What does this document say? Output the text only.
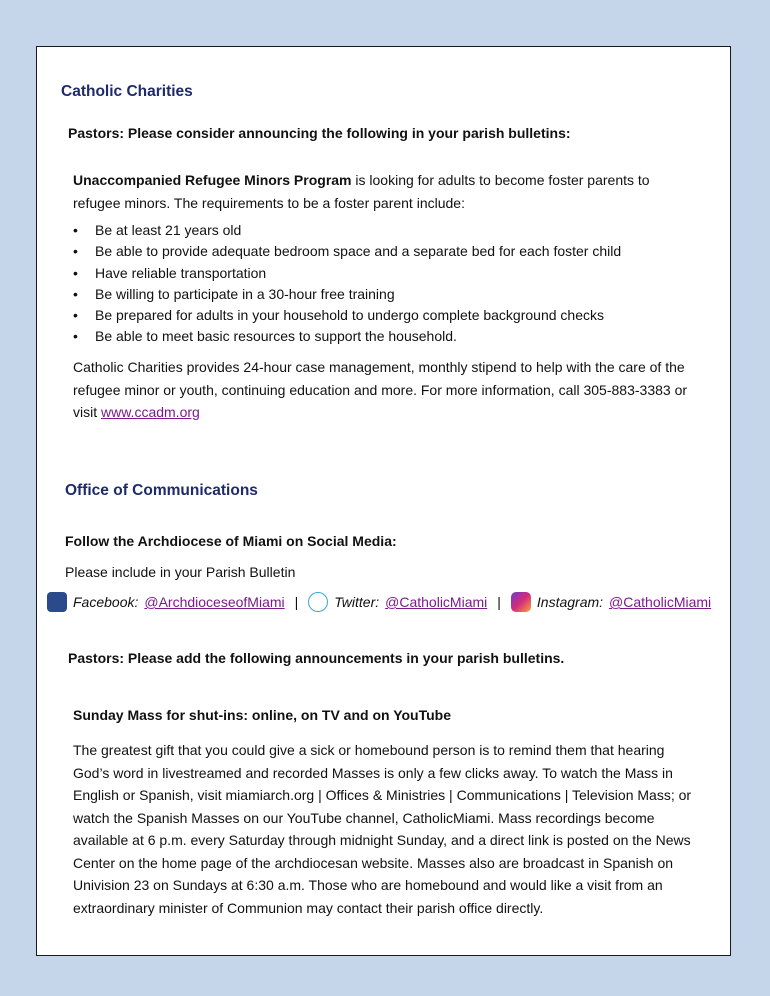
Catholic Charities

Pastors: Please consider announcing the following in your parish bulletins:

Unaccompanied Refugee Minors Program is looking for adults to become foster parents to refugee minors. The requirements to be a foster parent include:

• Be at least 21 years old
• Be able to provide adequate bedroom space and a separate bed for each foster child
• Have reliable transportation
• Be willing to participate in a 30-hour free training
• Be prepared for adults in your household to undergo complete background checks
• Be able to meet basic resources to support the household.

Catholic Charities provides 24-hour case management, monthly stipend to help with the care of the refugee minor or youth, continuing education and more. For more information, call 305-883-3383 or visit www.ccadm.org

Office of Communications

Follow the Archdiocese of Miami on Social Media:

Please include in your Parish Bulletin

Facebook: @ArchdioceseofMiami |	Twitter: @CatholicMiami |	Instagram: @CatholicMiami

Pastors: Please add the following announcements in your parish bulletins.

Sunday Mass for shut-ins: online, on TV and on YouTube

The greatest gift that you could give a sick or homebound person is to remind them that hearing God’s word in livestreamed and recorded Masses is only a few clicks away. To watch the Mass in English or Spanish, visit miamiarch.org | Offices & Ministries | Communications | Television Mass; or watch the Spanish Masses on our YouTube channel, CatholicMiami. Mass recordings become available at 6 p.m. every Saturday through midnight Sunday, and a direct link is posted on the News Center on the home page of the archdiocesan website. Masses also are broadcast in Spanish on Univision 23 on Sundays at 6:30 a.m. Those who are homebound and would like a visit from an extraordinary minister of Communion may contact their parish office directly.
